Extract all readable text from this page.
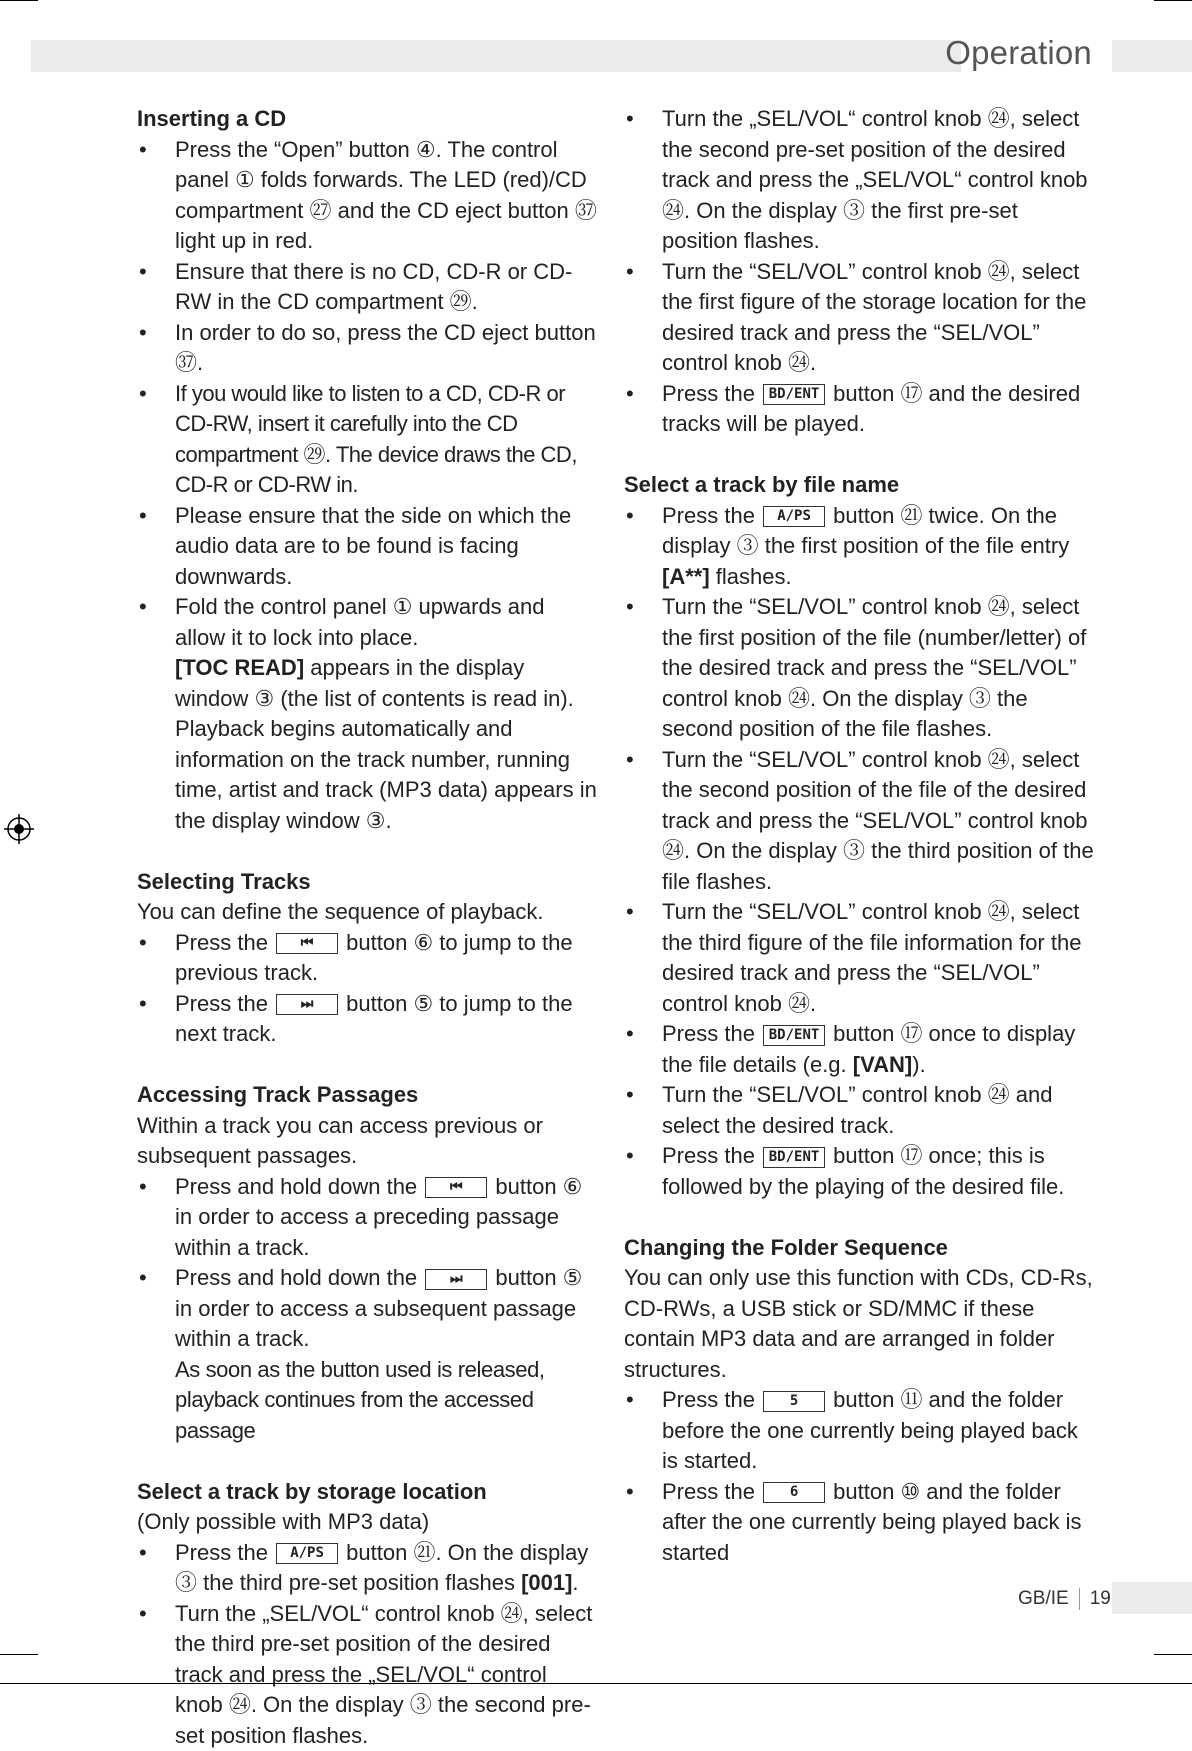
Operation
Inserting a CD
• Press the “Open” button ④. The control panel ① folds forwards. The LED (red)/CD compartment ㉗ and the CD eject button ㊲ light up in red.
• Ensure that there is no CD, CD-R or CD-RW in the CD compartment ㉙.
• In order to do so, press the CD eject button ㊲.
• If you would like to listen to a CD, CD-R or CD-RW, insert it carefully into the CD compartment ㉙. The device draws the CD, CD-R or CD-RW in.
• Please ensure that the side on which the audio data are to be found is facing downwards.
• Fold the control panel ① upwards and allow it to lock into place.
[TOC READ] appears in the display window ③ (the list of contents is read in). Playback begins automatically and information on the track number, running time, artist and track (MP3 data) appears in the display window ③.
Selecting Tracks

You can define the sequence of playback.

• Press the ⏮ button ⑥ to jump to the previous track.
• Press the ⏭ button ⑤ to jump to the next track.
Accessing Track Passages

Within a track you can access previous or subsequent passages.

• Press and hold down the ⏮ button ⑥ in order to access a preceding passage within a track.
• Press and hold down the ⏭ button ⑤ in order to access a subsequent passage within a track.

As soon as the button used is released, playback continues from the accessed passage

Select a track by storage location

(Only possible with MP3 data)

• Press the A/PS button ㉑. On the display ③ the third pre-set position flashes [001].
• Turn the „SEL/VOL“ control knob ㉔, select the third pre-set position of the desired track and press the „SEL/VOL“ control knob ㉔. On the display ③ the second pre-set position flashes.
• Turn the „SEL/VOL“ control knob ㉔, select the second pre-set position of the desired track and press the „SEL/VOL“ control knob ㉔. On the display ③ the first pre-set position flashes.
• Turn the “SEL/VOL” control knob ㉔, select the first figure of the storage location for the desired track and press the “SEL/VOL” control knob ㉔.
• Press the BD/ENT button ⑰ and the desired tracks will be played.
Select a track by file name
• Press the A/PS button ㉑ twice. On the display ③ the first position of the file entry [A**] flashes.
• Turn the “SEL/VOL” control knob ㉔, select the first position of the file (number/letter) of the desired track and press the “SEL/VOL” control knob ㉔. On the display ③ the second position of the file flashes.
• Turn the “SEL/VOL” control knob ㉔, select the second position of the file of the desired track and press the “SEL/VOL” control knob ㉔. On the display ③ the third position of the file flashes.
• Turn the “SEL/VOL” control knob ㉔, select the third figure of the file information for the desired track and press the “SEL/VOL” control knob ㉔.
• Press the BD/ENT button ⑰ once to display the file details (e.g. [VAN]).
• Turn the “SEL/VOL” control knob ㉔ and select the desired track.
• Press the BD/ENT button ⑰ once; this is followed by the playing of the desired file.
Changing the Folder Sequence

You can only use this function with CDs, CD-Rs, CD-RWs, a USB stick or SD/MMC if these contain MP3 data and are arranged in folder structures.

• Press the 5 button ⑪ and the folder before the one currently being played back is started.
• Press the 6 button ⑩ and the folder after the one currently being played back is started
GB/IE 19
